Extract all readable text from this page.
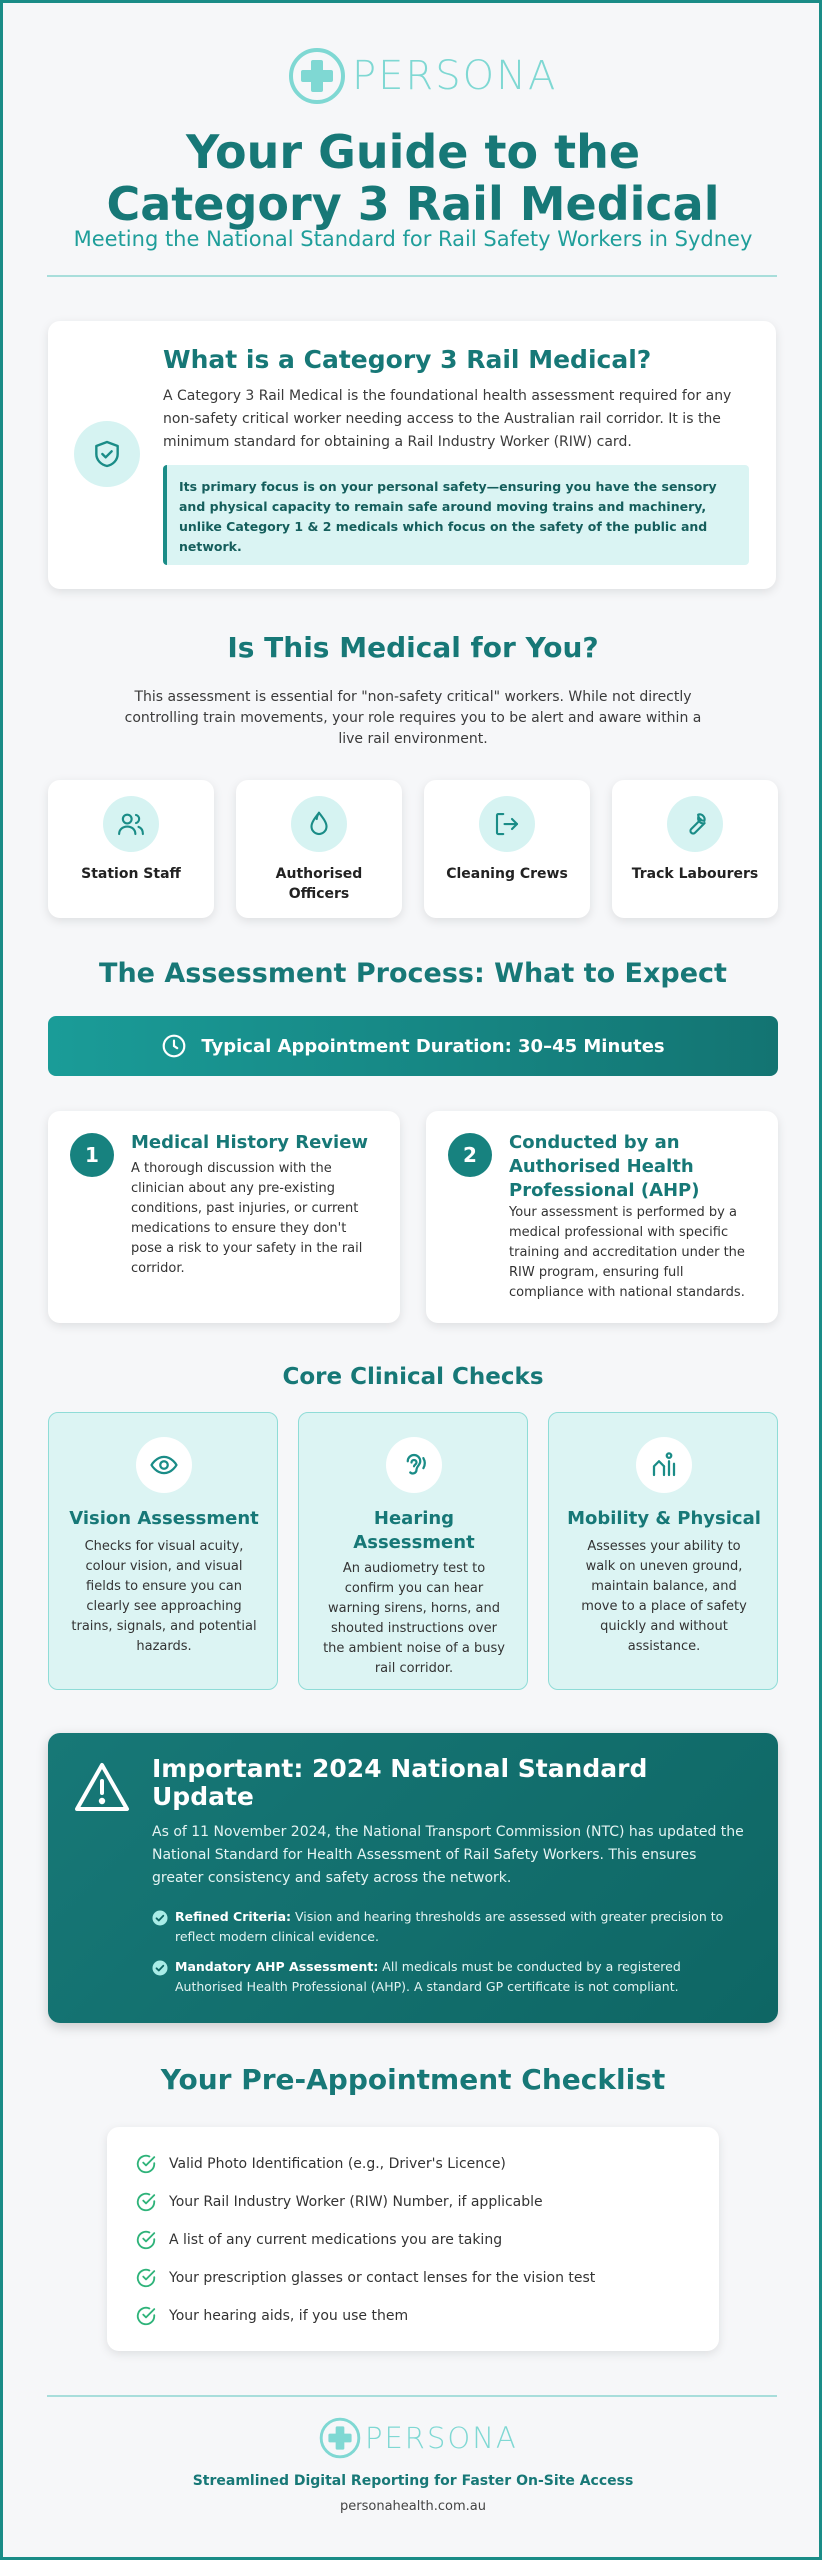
PERSONA
Your Guide to the Category 3 Rail Medical
Meeting the National Standard for Rail Safety Workers in Sydney
What is a Category 3 Rail Medical?
A Category 3 Rail Medical is the foundational health assessment required for any non-safety critical worker needing access to the Australian rail corridor. It is the minimum standard for obtaining a Rail Industry Worker (RIW) card.
Its primary focus is on your personal safety—ensuring you have the sensory and physical capacity to remain safe around moving trains and machinery, unlike Category 1 & 2 medicals which focus on the safety of the public and network.
Is This Medical for You?
This assessment is essential for "non-safety critical" workers. While not directly controlling train movements, your role requires you to be alert and aware within a live rail environment.
Station Staff	Authorised Officers
Cleaning Crews	Track Labourers
The Assessment Process: What to Expect
Typical Appointment Duration: 30–45 Minutes
1
Medical History Review
A thorough discussion with the clinician about any pre-existing conditions, past injuries, or current medications to ensure they don't pose a risk to your safety in the rail corridor.
2
Conducted by an Authorised Health Professional (AHP)
Your assessment is performed by a medical professional with specific training and accreditation under the RIW program, ensuring full compliance with national standards.
Core Clinical Checks
Vision Assessment
Checks for visual acuity, colour vision, and visual fields to ensure you can clearly see approaching trains, signals, and potential hazards.
Hearing Assessment
An audiometry test to confirm you can hear warning sirens, horns, and shouted instructions over the ambient noise of a busy rail corridor.
Mobility & Physical
Assesses your ability to walk on uneven ground, maintain balance, and move to a place of safety quickly and without assistance.
Important: 2024 National Standard Update
As of 11 November 2024, the National Transport Commission (NTC) has updated the National Standard for Health Assessment of Rail Safety Workers. This ensures greater consistency and safety across the network.
Refined Criteria: Vision and hearing thresholds are assessed with greater precision to reflect modern clinical evidence.
Mandatory AHP Assessment: All medicals must be conducted by a registered Authorised Health Professional (AHP). A standard GP certificate is not compliant.
Your Pre-Appointment Checklist
Valid Photo Identification (e.g., Driver's Licence)
Your Rail Industry Worker (RIW) Number, if applicable
A list of any current medications you are taking
Your prescription glasses or contact lenses for the vision test
Your hearing aids, if you use them
PERSONA
Streamlined Digital Reporting for Faster On-Site Access
personahealth.com.au
